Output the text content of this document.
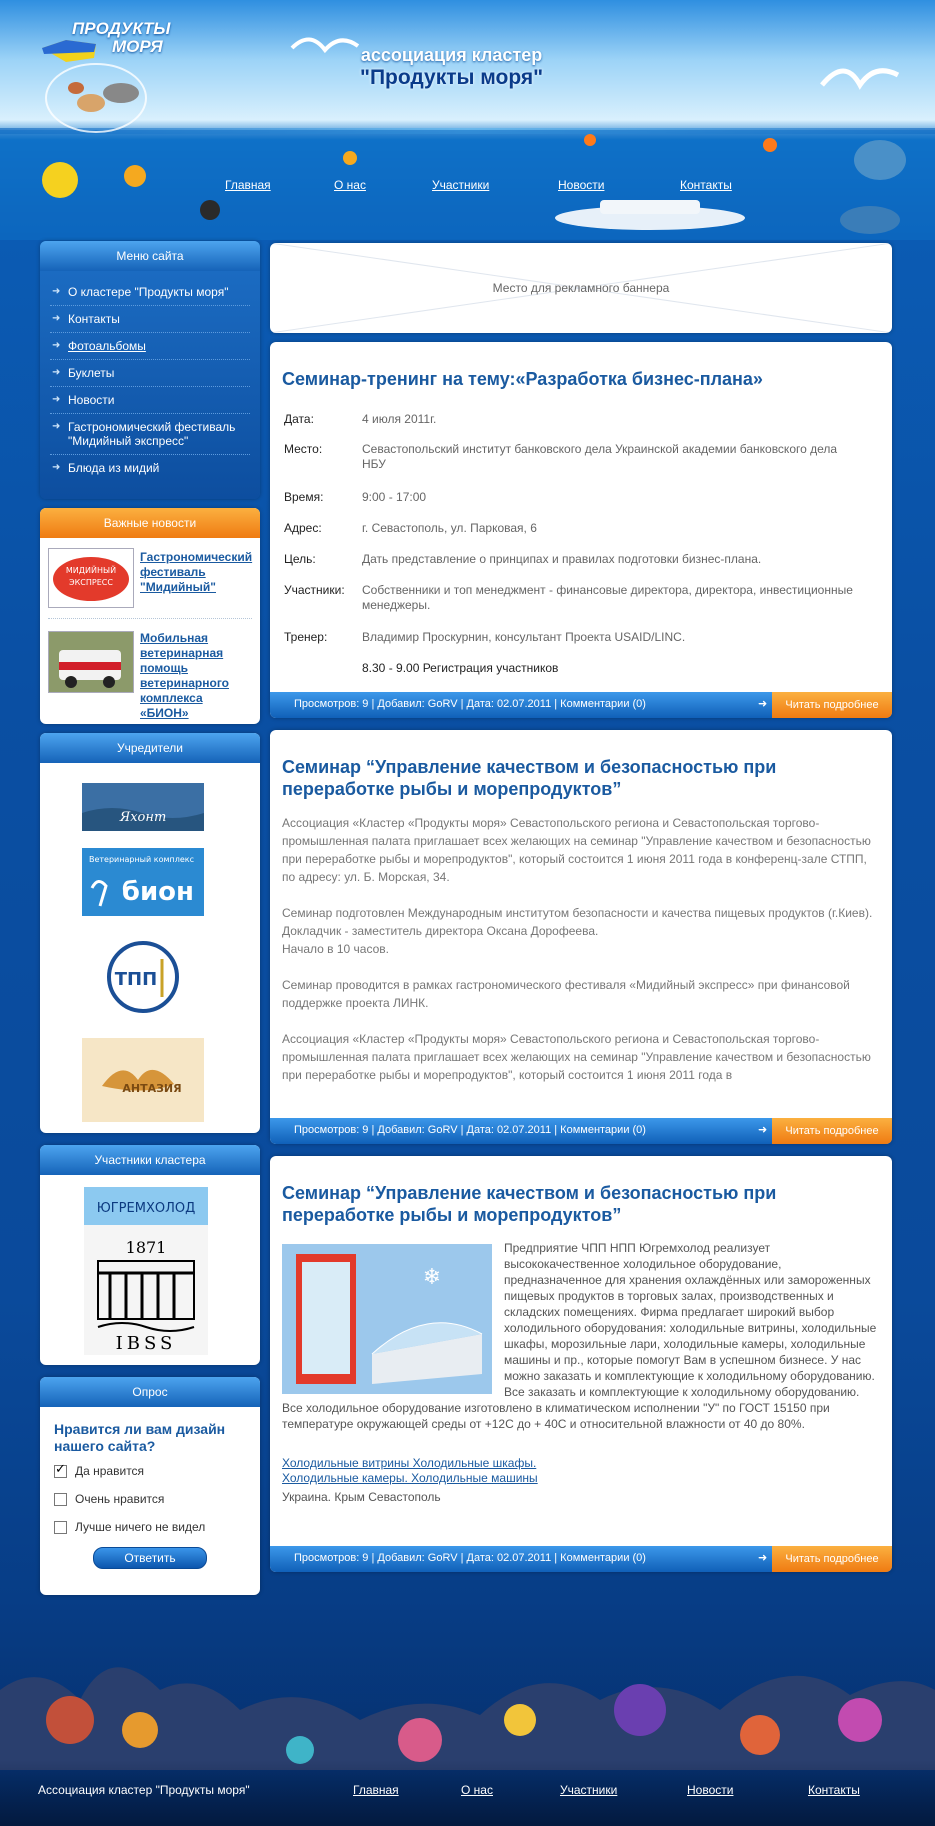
ПРОДУКТЫ
МОРЯ	ассоциация кластер
"Продукты моря"
Главная	О нас	Участники	Новости	Контакты
Меню сайта
➜ О кластере "Продукты моря"
➜ Контакты
➜ Фотоальбомы
➜ Буклеты
➜ Новости
➜ Гастрономический фестиваль "Мидийный экспресс"
➜ Блюда из мидий
Важные новости
МИДИЙНЫЙ
ЭКСПРЕСС
Гастрономический фестиваль "Мидийный"
Мобильная ветеринарная помощь ветеринарного комплекса «БИОН»
Учредители
Яхонт
Ветеринарный комплекс
бион
ТПП
АНТАЗИЯ
Участники кластера
ЮГРЕМХОЛОД
1871
IBSS
Опрос
Нравится ли вам дизайн нашего сайта?
✓Да нравится
Очень нравится
Лучше ничего не видел
Ответить
Место для рекламного баннера
Семинар-тренинг на тему:«Разработка бизнес-плана»
Дата:	4 июля 2011г.
Место:	Севастопольский институт банковского дела Украинской академии банковского дела НБУ
Время:	9:00 - 17:00
Адрес:	г. Севастополь, ул. Парковая, 6
Цель:	Дать представление о принципах и правилах подготовки бизнес-плана.
Участники:	Собственники и топ менеджмент - финансовые директора, директора, инвестиционные менеджеры.
Тренер:	Владимир Проскурнин, консультант Проекта USAID/LINC.
8.30 - 9.00 Регистрация участников
Просмотров: 9 | Добавил: GoRV | Дата: 02.07.2011 | Комментарии (0)	➜	Читать подробнее
Семинар “Управление качеством и безопасностью при переработке рыбы и морепродуктов”

Ассоциация «Кластер «Продукты моря» Севастопольского региона и Севастопольская торгово-промышленная палата приглашает всех желающих на семинар "Управление качеством и безопасностью при переработке рыбы и морепродуктов", который состоится 1 июня 2011 года в конференц-зале СТПП, по адресу: ул. Б. Морская, 34.

Семинар подготовлен Международным институтом безопасности и качества пищевых продуктов (г.Киев). Докладчик - заместитель директора Оксана Дорофеева.
Начало в 10 часов.

Семинар проводится в рамках гастрономического фестиваля «Мидийный экспресс» при финансовой поддержке проекта ЛИНК.

Ассоциация «Кластер «Продукты моря» Севастопольского региона и Севастопольская торгово-промышленная палата приглашает всех желающих на семинар "Управление качеством и безопасностью при переработке рыбы и морепродуктов", который состоится 1 июня 2011 года в

Просмотров: 9 | Добавил: GoRV | Дата: 02.07.2011 | Комментарии (0)	➜	Читать подробнее
Семинар “Управление качеством и безопасностью при переработке рыбы и морепродуктов”
❄

Предприятие ЧПП НПП Югремхолод реализует высококачественное холодильное оборудование, предназначенное для хранения охлаждённых или замороженных пищевых продуктов в торговых залах, производственных и складских помещениях. Фирма предлагает широкий выбор холодильного оборудования: холодильные витрины, холодильные шкафы, морозильные лари, холодильные камеры, холодильные машины и пр., которые помогут Вам в успешном бизнесе. У нас можно заказать и комплектующие к холодильному оборудованию. Все заказать и комплектующие к холодильному оборудованию. Все холодильное оборудование изготовлено в климатическом исполнении "У" по ГОСТ 15150 при температуре окружающей среды от +12С до + 40С и относительной влажности от 40 до 80%.

Холодильные витрины Холодильные шкафы.
Холодильные камеры. Холодильные машины
Украина. Крым Севастополь
Просмотров: 9 | Добавил: GoRV | Дата: 02.07.2011 | Комментарии (0)	➜	Читать подробнее
Ассоциация кластер "Продукты моря"	Главная	О нас	Участники	Новости	Контакты
